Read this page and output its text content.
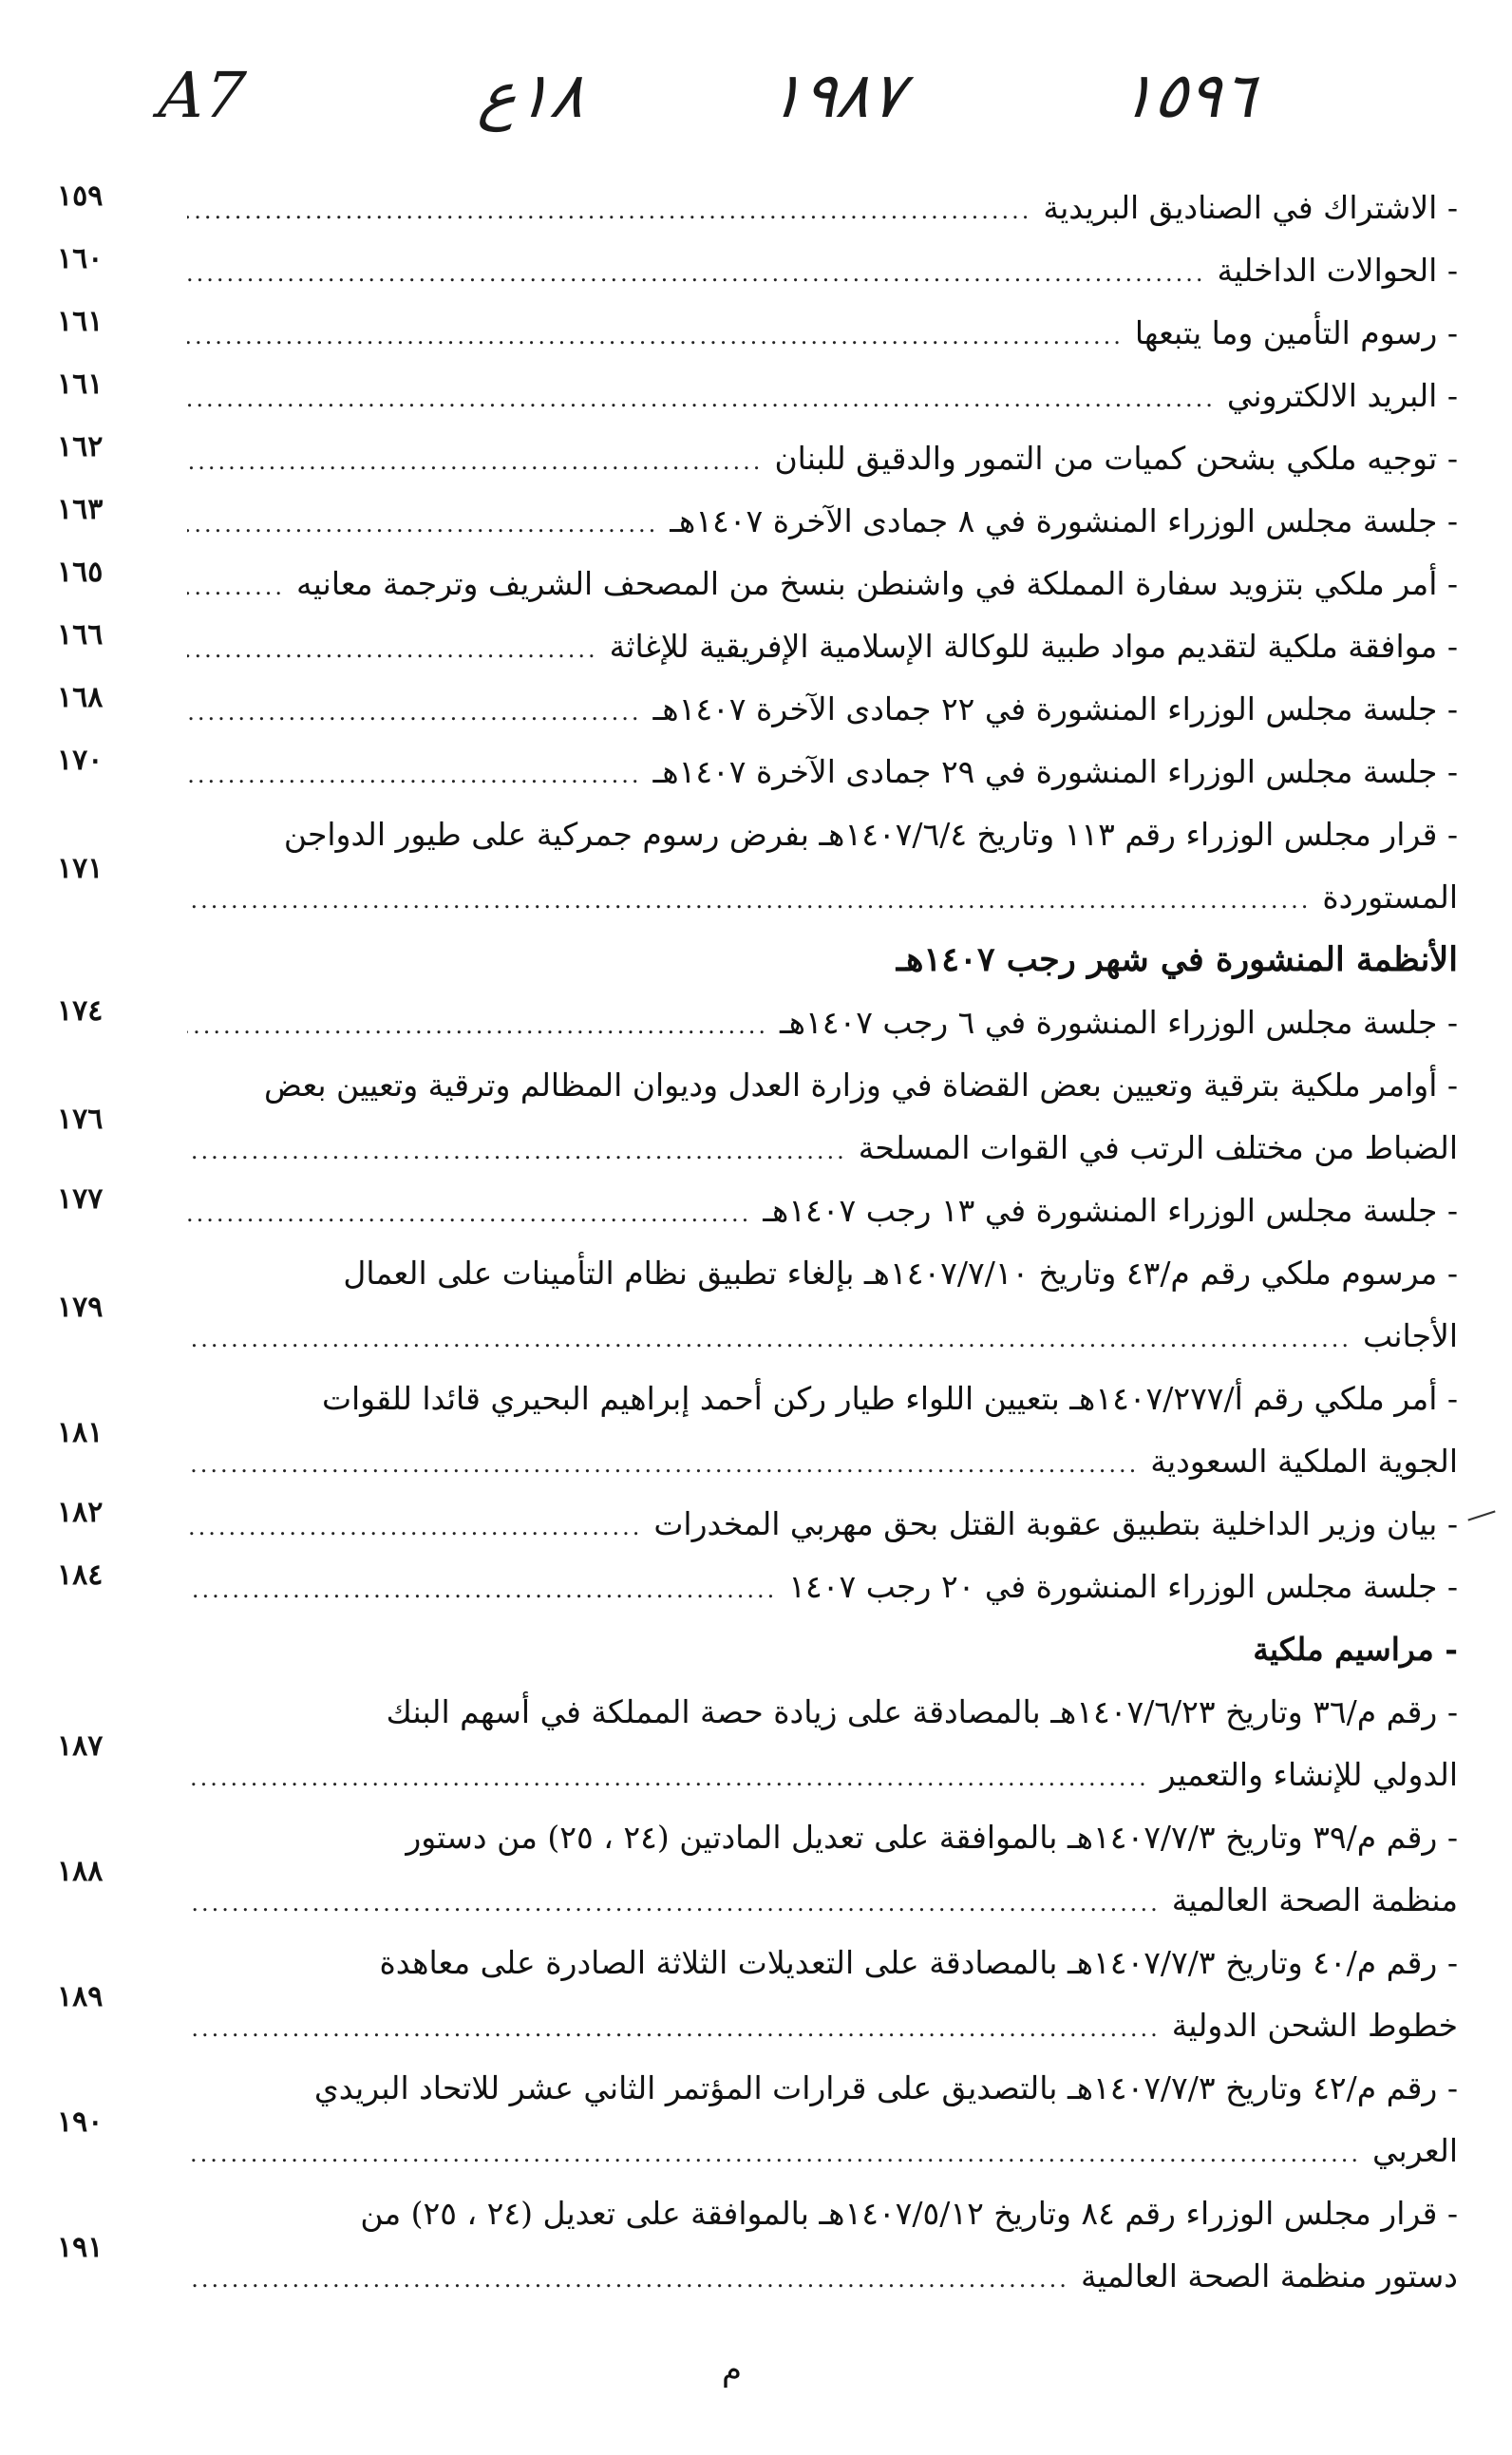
١٥٩٦
١٩٨٧
١٨ع
A7
- الاشتراك في الصناديق البريدية
.....
١٥٩
- الحوالات الداخلية
.....
١٦٠
- رسوم التأمين وما يتبعها
.....
١٦١
- البريد الالكتروني
.....
١٦١
- توجيه ملكي بشحن كميات من التمور والدقيق للبنان
.....
١٦٢
- جلسة مجلس الوزراء المنشورة في ٨ جمادى الآخرة ١٤٠٧هـ
.....
١٦٣
- أمر ملكي بتزويد سفارة المملكة في واشنطن بنسخ من المصحف الشريف وترجمة معانيه
.....
١٦٥
- موافقة ملكية لتقديم مواد طبية للوكالة الإسلامية الإفريقية للإغاثة
.....
١٦٦
- جلسة مجلس الوزراء المنشورة في ٢٢ جمادى الآخرة ١٤٠٧هـ
.....
١٦٨
- جلسة مجلس الوزراء المنشورة في ٢٩ جمادى الآخرة ١٤٠٧هـ
.....
١٧٠
- قرار مجلس الوزراء رقم ١١٣ وتاريخ ١٤٠٧/٦/٤هـ بفرض رسوم جمركية على طيور الدواجن
المستوردة
.....
١٧١
الأنظمة المنشورة في شهر رجب ١٤٠٧هـ
- جلسة مجلس الوزراء المنشورة في ٦ رجب ١٤٠٧هـ
.....
١٧٤
- أوامر ملكية بترقية وتعيين بعض القضاة في وزارة العدل وديوان المظالم وترقية وتعيين بعض
الضباط من مختلف الرتب في القوات المسلحة
.....
١٧٦
- جلسة مجلس الوزراء المنشورة في ١٣ رجب ١٤٠٧هـ
.....
١٧٧
- مرسوم ملكي رقم م/٤٣ وتاريخ ١٤٠٧/٧/١٠هـ بإلغاء تطبيق نظام التأمينات على العمال
الأجانب
.....
١٧٩
- أمر ملكي رقم أ/١٤٠٧/٢٧٧هـ بتعيين اللواء طيار ركن أحمد إبراهيم البحيري قائدا للقوات
الجوية الملكية السعودية
.....
١٨١
- بيان وزير الداخلية بتطبيق عقوبة القتل بحق مهربي المخدرات
.....
١٨٢
- جلسة مجلس الوزراء المنشورة في ٢٠ رجب ١٤٠٧
.....
١٨٤
- مراسيم ملكية
- رقم م/٣٦ وتاريخ ١٤٠٧/٦/٢٣هـ بالمصادقة على زيادة حصة المملكة في أسهم البنك
الدولي للإنشاء والتعمير
.....
١٨٧
- رقم م/٣٩ وتاريخ ١٤٠٧/٧/٣هـ بالموافقة على تعديل المادتين (٢٤ ، ٢٥) من دستور
منظمة الصحة العالمية
.....
١٨٨
- رقم م/٤٠ وتاريخ ١٤٠٧/٧/٣هـ بالمصادقة على التعديلات الثلاثة الصادرة على معاهدة
خطوط الشحن الدولية
.....
١٨٩
- رقم م/٤٢ وتاريخ ١٤٠٧/٧/٣هـ بالتصديق على قرارات المؤتمر الثاني عشر للاتحاد البريدي
العربي
.....
١٩٠
- قرار مجلس الوزراء رقم ٨٤ وتاريخ ١٤٠٧/٥/١٢هـ بالموافقة على تعديل (٢٤ ، ٢٥) من
دستور منظمة الصحة العالمية
.....
١٩١
م
